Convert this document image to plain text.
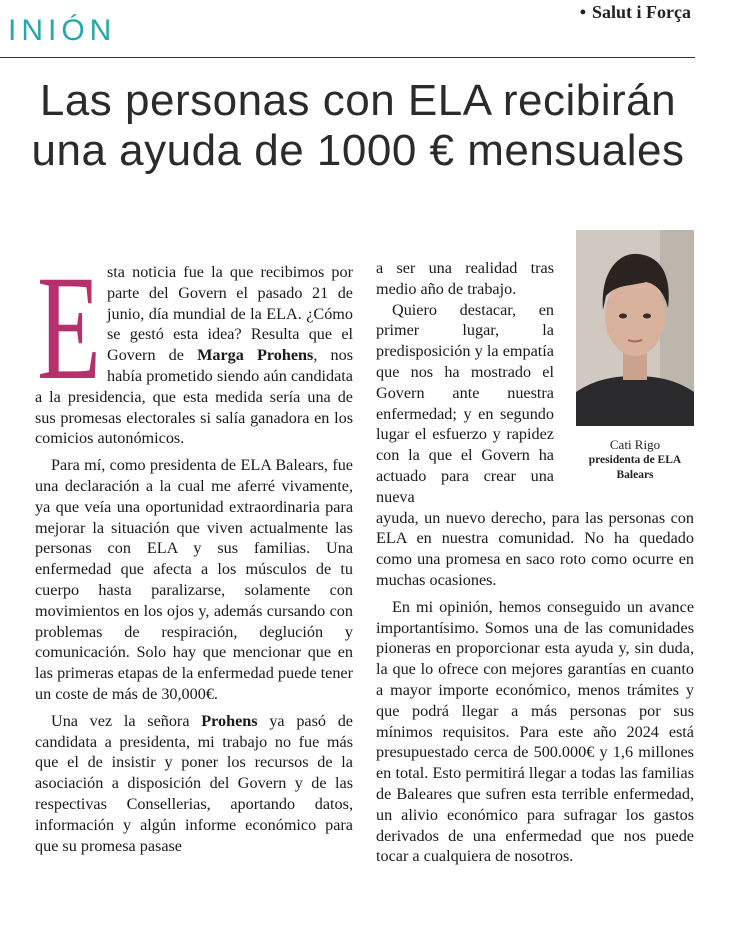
INIÓN
• Salut i Força
Las personas con ELA recibirán una ayuda de 1000 € mensuales
E sta noticia fue la que recibimos por parte del Govern el pasado 21 de junio, día mundial de la ELA. ¿Cómo se gestó esta idea? Resulta que el Govern de Marga Prohens, nos había prometido siendo aún candidata a la presidencia, que esta medida sería una de sus promesas electorales si salía ganadora en los comicios autonómicos.

Para mí, como presidenta de ELA Balears, fue una declaración a la cual me aferré vivamente, ya que veía una oportunidad extraordinaria para mejorar la situación que viven actualmente las personas con ELA y sus familias. Una enfermedad que afecta a los músculos de tu cuerpo hasta paralizarse, solamente con movimientos en los ojos y, además cursando con problemas de respiración, deglución y comunicación. Solo hay que mencionar que en las primeras etapas de la enfermedad puede tener un coste de más de 30,000€.

Una vez la señora Prohens ya pasó de candidata a presidenta, mi trabajo no fue más que el de insistir y poner los recursos de la asociación a disposición del Govern y de las respectivas Consellerias, aportando datos, información y algún informe económico para que su promesa pasase

a ser una realidad tras medio año de trabajo.

Quiero destacar, en primer lugar, la predisposición y la empatía que nos ha mostrado el Govern ante nuestra enfermedad; y en segundo lugar el esfuerzo y rapidez con la que el Govern ha actuado para crear una nueva

ayuda, un nuevo derecho, para las personas con ELA en nuestra comunidad. No ha quedado como una promesa en saco roto como ocurre en muchas ocasiones.

En mi opinión, hemos conseguido un avance importantísimo. Somos una de las comunidades pioneras en proporcionar esta ayuda y, sin duda, la que lo ofrece con mejores garantías en cuanto a mayor importe económico, menos trámites y que podrá llegar a más personas por sus mínimos requisitos. Para este año 2024 está presupuestado cerca de 500.000€ y 1,6 millones en total. Esto permitirá llegar a todas las familias de Baleares que sufren esta terrible enfermedad, un alivio económico para sufragar los gastos derivados de una enfermedad que nos puede tocar a cualquiera de nosotros.

Cati Rigo
presidenta de ELA Balears
